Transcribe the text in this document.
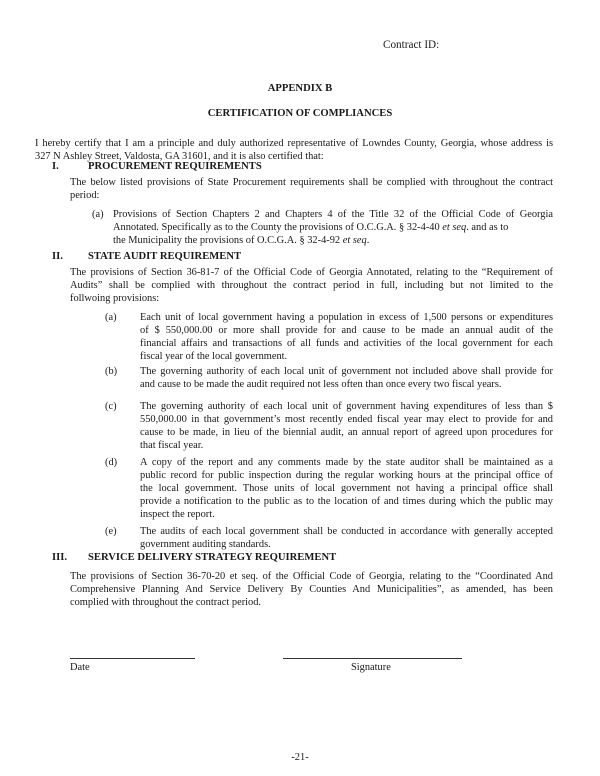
Contract ID:
APPENDIX B
CERTIFICATION OF COMPLIANCES
I hereby certify that I am a principle and duly authorized representative of Lowndes County, Georgia, whose address is
327 N Ashley Street, Valdosta, GA 31601, and it is also certified that:
I.	PROCUREMENT REQUIREMENTS
The below listed provisions of State Procurement requirements shall be complied with throughout the contract
period:
(a) Provisions of Section Chapters 2 and Chapters 4 of the Title 32 of the Official Code of Georgia
Annotated. Specifically as to the County the provisions of O.C.G.A. § 32-4-40 et seq. and as to
the Municipality the provisions of O.C.G.A. § 32-4-92 et seq.
II. STATE AUDIT REQUIREMENT
The provisions of Section 36-81-7 of the Official Code of Georgia Annotated, relating to the “Requirement of
Audits” shall be complied with throughout the contract period in full, including but not limited to the
follwoing provisions:
(a) Each unit of local government having a population in excess of 1,500 persons or expenditures
of $ 550,000.00 or more shall provide for and cause to be made an annual audit of the
financial affairs and transactions of all funds and activities of the local government for each
fiscal year of the local government.
(b) The governing authority of each local unit of government not included above shall provide for
and cause to be made the audit required not less often than once every two fiscal years.
(c) The governing authority of each local unit of government having expenditures of less than $
550,000.00 in that government’s most recently ended fiscal year may elect to provide for and
cause to be made, in lieu of the biennial audit, an annual report of agreed upon procedures for
that fiscal year.
(d) A copy of the report and any comments made by the state auditor shall be maintained as a
public record for public inspection during the regular working hours at the principal office of
the local government. Those units of local government not having a principal office shall
provide a notification to the public as to the location of and times during which the public may
inspect the report.
(e) The audits of each local government shall be conducted in accordance with generally accepted
government auditing standards.
III. SERVICE DELIVERY STRATEGY REQUIREMENT
The provisions of Section 36-70-20 et seq. of the Official Code of Georgia, relating to the “Coordinated And
Comprehensive Planning And Service Delivery By Counties And Municipalities”, as amended, has been
complied with throughout the contract period.
Date	Signature
-21-
